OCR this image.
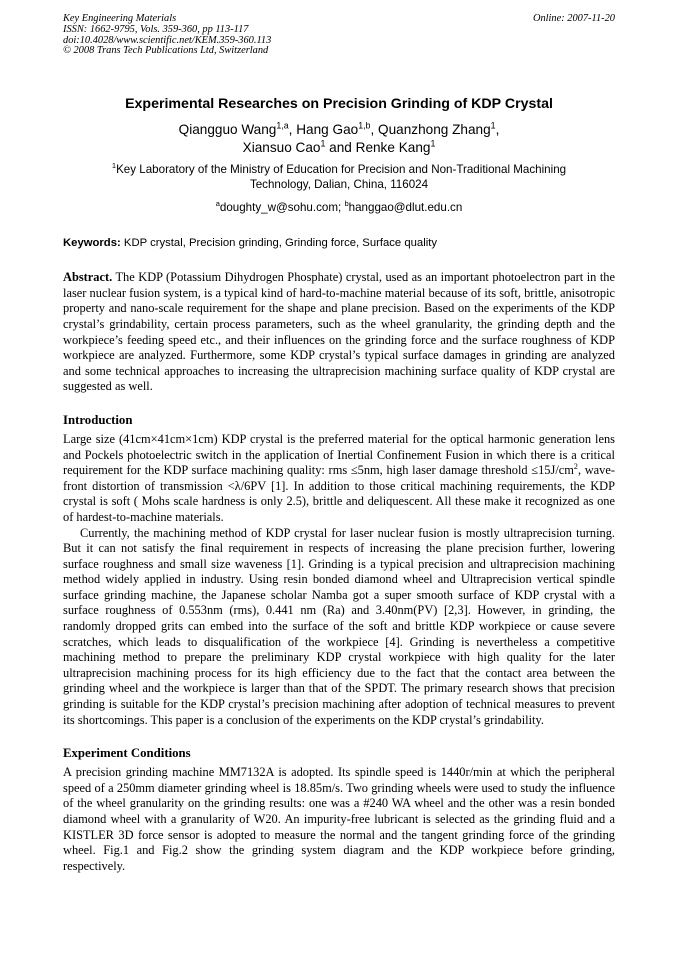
Key Engineering Materials
ISSN: 1662-9795, Vols. 359-360, pp 113-117
doi:10.4028/www.scientific.net/KEM.359-360.113
© 2008 Trans Tech Publications Ltd, Switzerland
Online: 2007-11-20
Experimental Researches on Precision Grinding of KDP Crystal
Qiangguo Wang$^{1,a}$, Hang Gao$^{1,b}$, Quanzhong Zhang$^1$,
Xiansuo Cao$^1$ and Renke Kang$^1$
$^1$Key Laboratory of the Ministry of Education for Precision and Non-Traditional Machining
Technology, Dalian, China, 116024
$^a$doughty_w@sohu.com; $^b$hanggao@dlut.edu.cn
Keywords: KDP crystal, Precision grinding, Grinding force, Surface quality
Abstract. The KDP (Potassium Dihydrogen Phosphate) crystal, used as an important photoelectron part in the laser nuclear fusion system, is a typical kind of hard-to-machine material because of its soft, brittle, anisotropic property and nano-scale requirement for the shape and plane precision. Based on the experiments of the KDP crystal’s grindability, certain process parameters, such as the wheel granularity, the grinding depth and the workpiece’s feeding speed etc., and their influences on the grinding force and the surface roughness of KDP workpiece are analyzed. Furthermore, some KDP crystal’s typical surface damages in grinding are analyzed and some technical approaches to increasing the ultraprecision machining surface quality of KDP crystal are suggested as well.
Introduction
Large size (41cm×41cm×1cm) KDP crystal is the preferred material for the optical harmonic generation lens and Pockels photoelectric switch in the application of Inertial Confinement Fusion in which there is a critical requirement for the KDP surface machining quality: rms ≤5nm, high laser damage threshold $\le 15J/cm^2$, wave-front distortion of transmission <λ/6PV [1]. In addition to those critical machining requirements, the KDP crystal is soft ( Mohs scale hardness is only 2.5), brittle and deliquescent. All these make it recognized as one of hardest-to-machine materials.
Currently, the machining method of KDP crystal for laser nuclear fusion is mostly ultraprecision turning. But it can not satisfy the final requirement in respects of increasing the plane precision further, lowering surface roughness and small size waveness [1]. Grinding is a typical precision and ultraprecision machining method widely applied in industry. Using resin bonded diamond wheel and Ultraprecision vertical spindle surface grinding machine, the Japanese scholar Namba got a super smooth surface of KDP crystal with a surface roughness of 0.553nm (rms), 0.441 nm (Ra) and 3.40nm(PV) [2,3]. However, in grinding, the randomly dropped grits can embed into the surface of the soft and brittle KDP workpiece or cause severe scratches, which leads to disqualification of the workpiece [4]. Grinding is nevertheless a competitive machining method to prepare the preliminary KDP crystal workpiece with high quality for the later ultraprecision machining process for its high efficiency due to the fact that the contact area between the grinding wheel and the workpiece is larger than that of the SPDT. The primary research shows that precision grinding is suitable for the KDP crystal’s precision machining after adoption of technical measures to prevent its shortcomings. This paper is a conclusion of the experiments on the KDP crystal’s grindability.
Experiment Conditions
A precision grinding machine MM7132A is adopted. Its spindle speed is 1440r/min at which the peripheral speed of a 250mm diameter grinding wheel is 18.85m/s. Two grinding wheels were used to study the influence of the wheel granularity on the grinding results: one was a #240 WA wheel and the other was a resin bonded diamond wheel with a granularity of W20. An impurity-free lubricant is selected as the grinding fluid and a KISTLER 3D force sensor is adopted to measure the normal and the tangent grinding force of the grinding wheel. Fig.1 and Fig.2 show the grinding system diagram and the KDP workpiece before grinding, respectively.
